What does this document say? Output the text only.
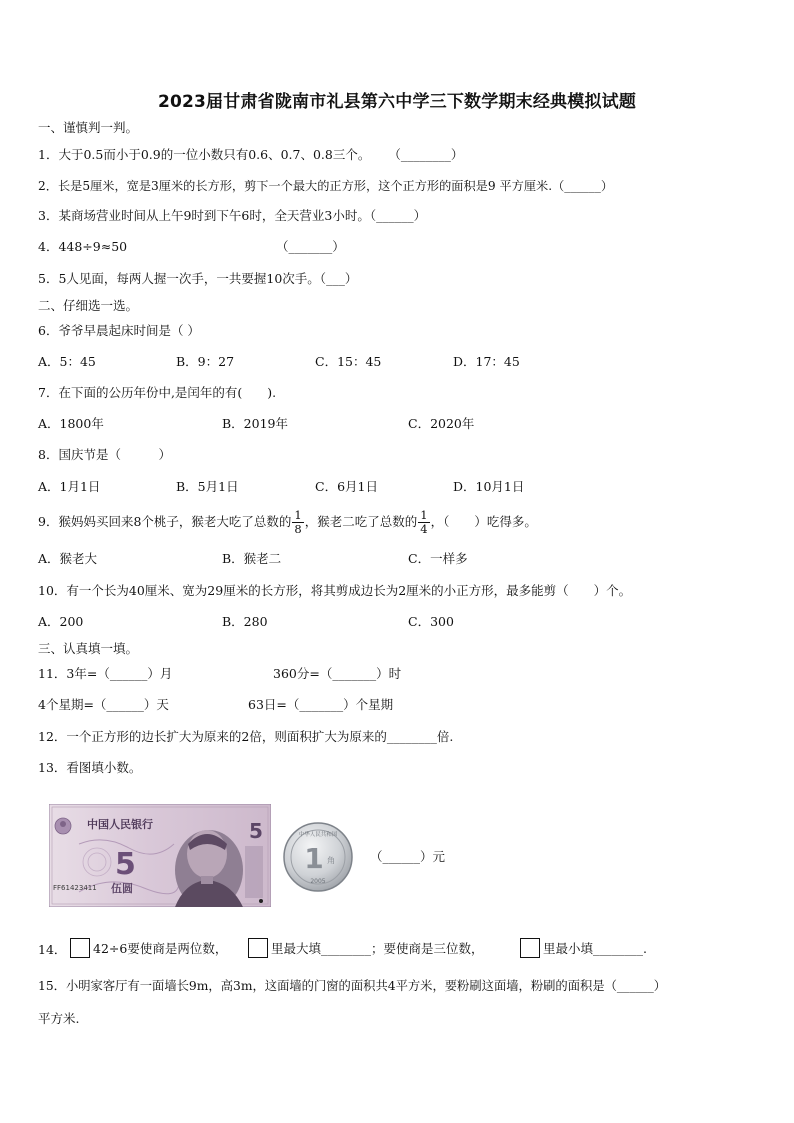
2023届甘肃省陇南市礼县第六中学三下数学期末经典模拟试题
一、谨慎判一判。
1．大于0.5而小于0.9的一位小数只有0.6、0.7、0.8三个。 （________）
2．长是5厘米，宽是3厘米的长方形，剪下一个最大的正方形，这个正方形的面积是9 平方厘米.（______）
3．某商场营业时间从上午9时到下午6时，全天营业3小时。（______）
4．448÷9≈50	（_______）
5．5人见面，每两人握一次手，一共要握10次手。（___）
二、仔细选一选。
6．爷爷早晨起床时间是（ ）
A．5：45	B．9：27	C．15：45	D．17：45
7．在下面的公历年份中,是闰年的有(　　).
A．1800年	B．2019年	C．2020年
8．国庆节是（　　　）
A．1月1日	B．5月1日	C．6月1日	D．10月1日
9．猴妈妈买回来8个桃子，猴老大吃了总数的 $\frac{1}{8}$ ，猴老二吃了总数的 $\frac{1}{4}$ ，（　　）吃得多。
A．猴老大	B．猴老二	C．一样多
10．有一个长为40厘米、宽为29厘米的长方形，将其剪成边长为2厘米的小正方形，最多能剪（　　）个。
A．200	B．280	C．300
三、认真填一填。
11．3年=（______）月	360分=（_______）时
4个星期=（______）天	63日=（_______）个星期
12．一个正方形的边长扩大为原来的2倍，则面积扩大为原来的________倍.
13．看图填小数。
中国人民银行
5
伍圆
FF61423411
5	中华人民共和国
1 角
2005
（______）元
14．	42÷6要使商是两位数，	里最大填________；要使商是三位数，	里最小填________.
15．小明家客厅有一面墙长9m，高3m，这面墙的门窗的面积共4平方米，要粉刷这面墙，粉刷的面积是（______）
平方米.
